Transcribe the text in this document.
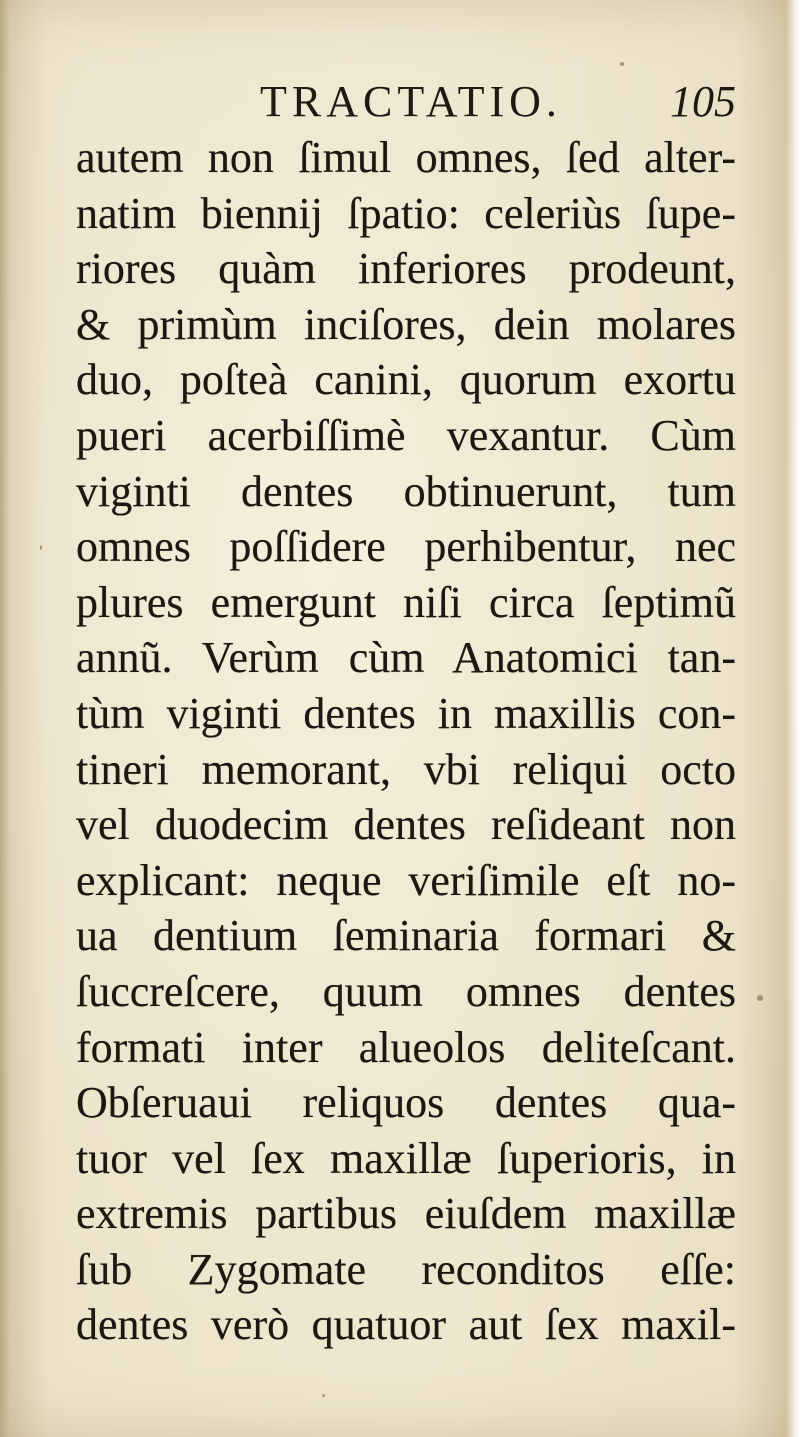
TRACTATIO. 105
autem non ſimul omnes, ſed alter-
natim biennij ſpatio: celeriùs ſupe-
riores quàm inferiores prodeunt,
& primùm inciſores, dein molares
duo, poſteà canini, quorum exortu
pueri acerbiſſimè vexantur. Cùm
viginti dentes obtinuerunt, tum
omnes poſſidere perhibentur, nec
plures emergunt niſi circa ſeptimũ
annũ. Verùm cùm Anatomici tan-
tùm viginti dentes in maxillis con-
tineri memorant, vbi reliqui octo
vel duodecim dentes reſideant non
explicant: neque veriſimile eſt no-
ua dentium ſeminaria formari &
ſuccreſcere, quum omnes dentes
formati inter alueolos deliteſcant.
Obſeruaui reliquos dentes qua-
tuor vel ſex maxillæ ſuperioris, in
extremis partibus eiuſdem maxillæ
ſub Zygomate reconditos eſſe:
dentes verò quatuor aut ſex maxil-
